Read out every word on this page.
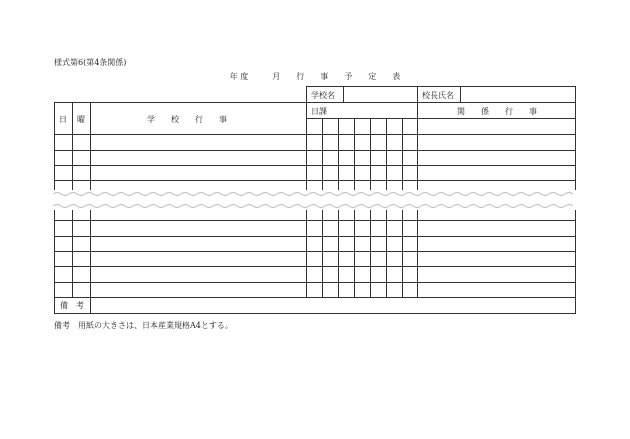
様式第6(第4条関係)
年 度　　　月　　行　　事　　予　　定　　表
学校名	校長氏名
日課
日 曜	学　　校　　行　　事
関　　係　　行　　事
備　考
備考　用紙の大きさは、日本産業規格A4とする。
